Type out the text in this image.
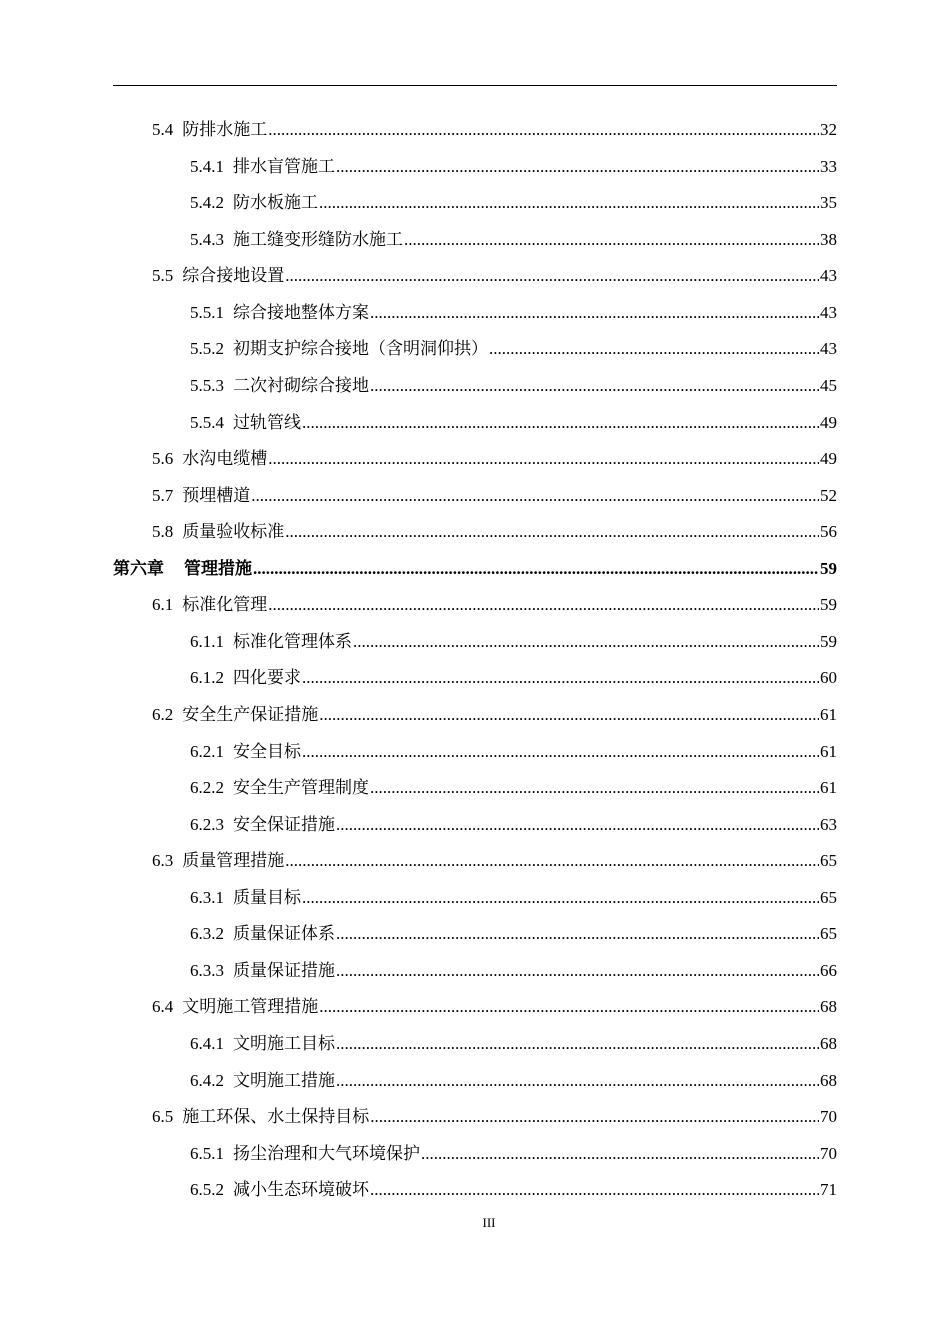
5.4 防排水施工 .....	32
5.4.1 排水盲管施工 .....	33
5.4.2 防水板施工 .....	35
5.4.3 施工缝变形缝防水施工 .....	38
5.5 综合接地设置 .....	43
5.5.1 综合接地整体方案 .....	43
5.5.2 初期支护综合接地（含明洞仰拱） .....	43
5.5.3 二次衬砌综合接地 .....	45
5.5.4 过轨管线 .....	49
5.6 水沟电缆槽 .....	49
5.7 预埋槽道 .....	52
5.8 质量验收标准 .....	56
第六章 管理措施 .....	59
6.1 标准化管理 .....	59
6.1.1 标准化管理体系 .....	59
6.1.2 四化要求 .....	60
6.2 安全生产保证措施 .....	61
6.2.1 安全目标 .....	61
6.2.2 安全生产管理制度 .....	61
6.2.3 安全保证措施 .....	63
6.3 质量管理措施 .....	65
6.3.1 质量目标 .....	65
6.3.2 质量保证体系 .....	65
6.3.3 质量保证措施 .....	66
6.4 文明施工管理措施 .....	68
6.4.1 文明施工目标 .....	68
6.4.2 文明施工措施 .....	68
6.5 施工环保、水土保持目标 .....	70
6.5.1 扬尘治理和大气环境保护 .....	70
6.5.2 减小生态环境破坏 .....	71
III
